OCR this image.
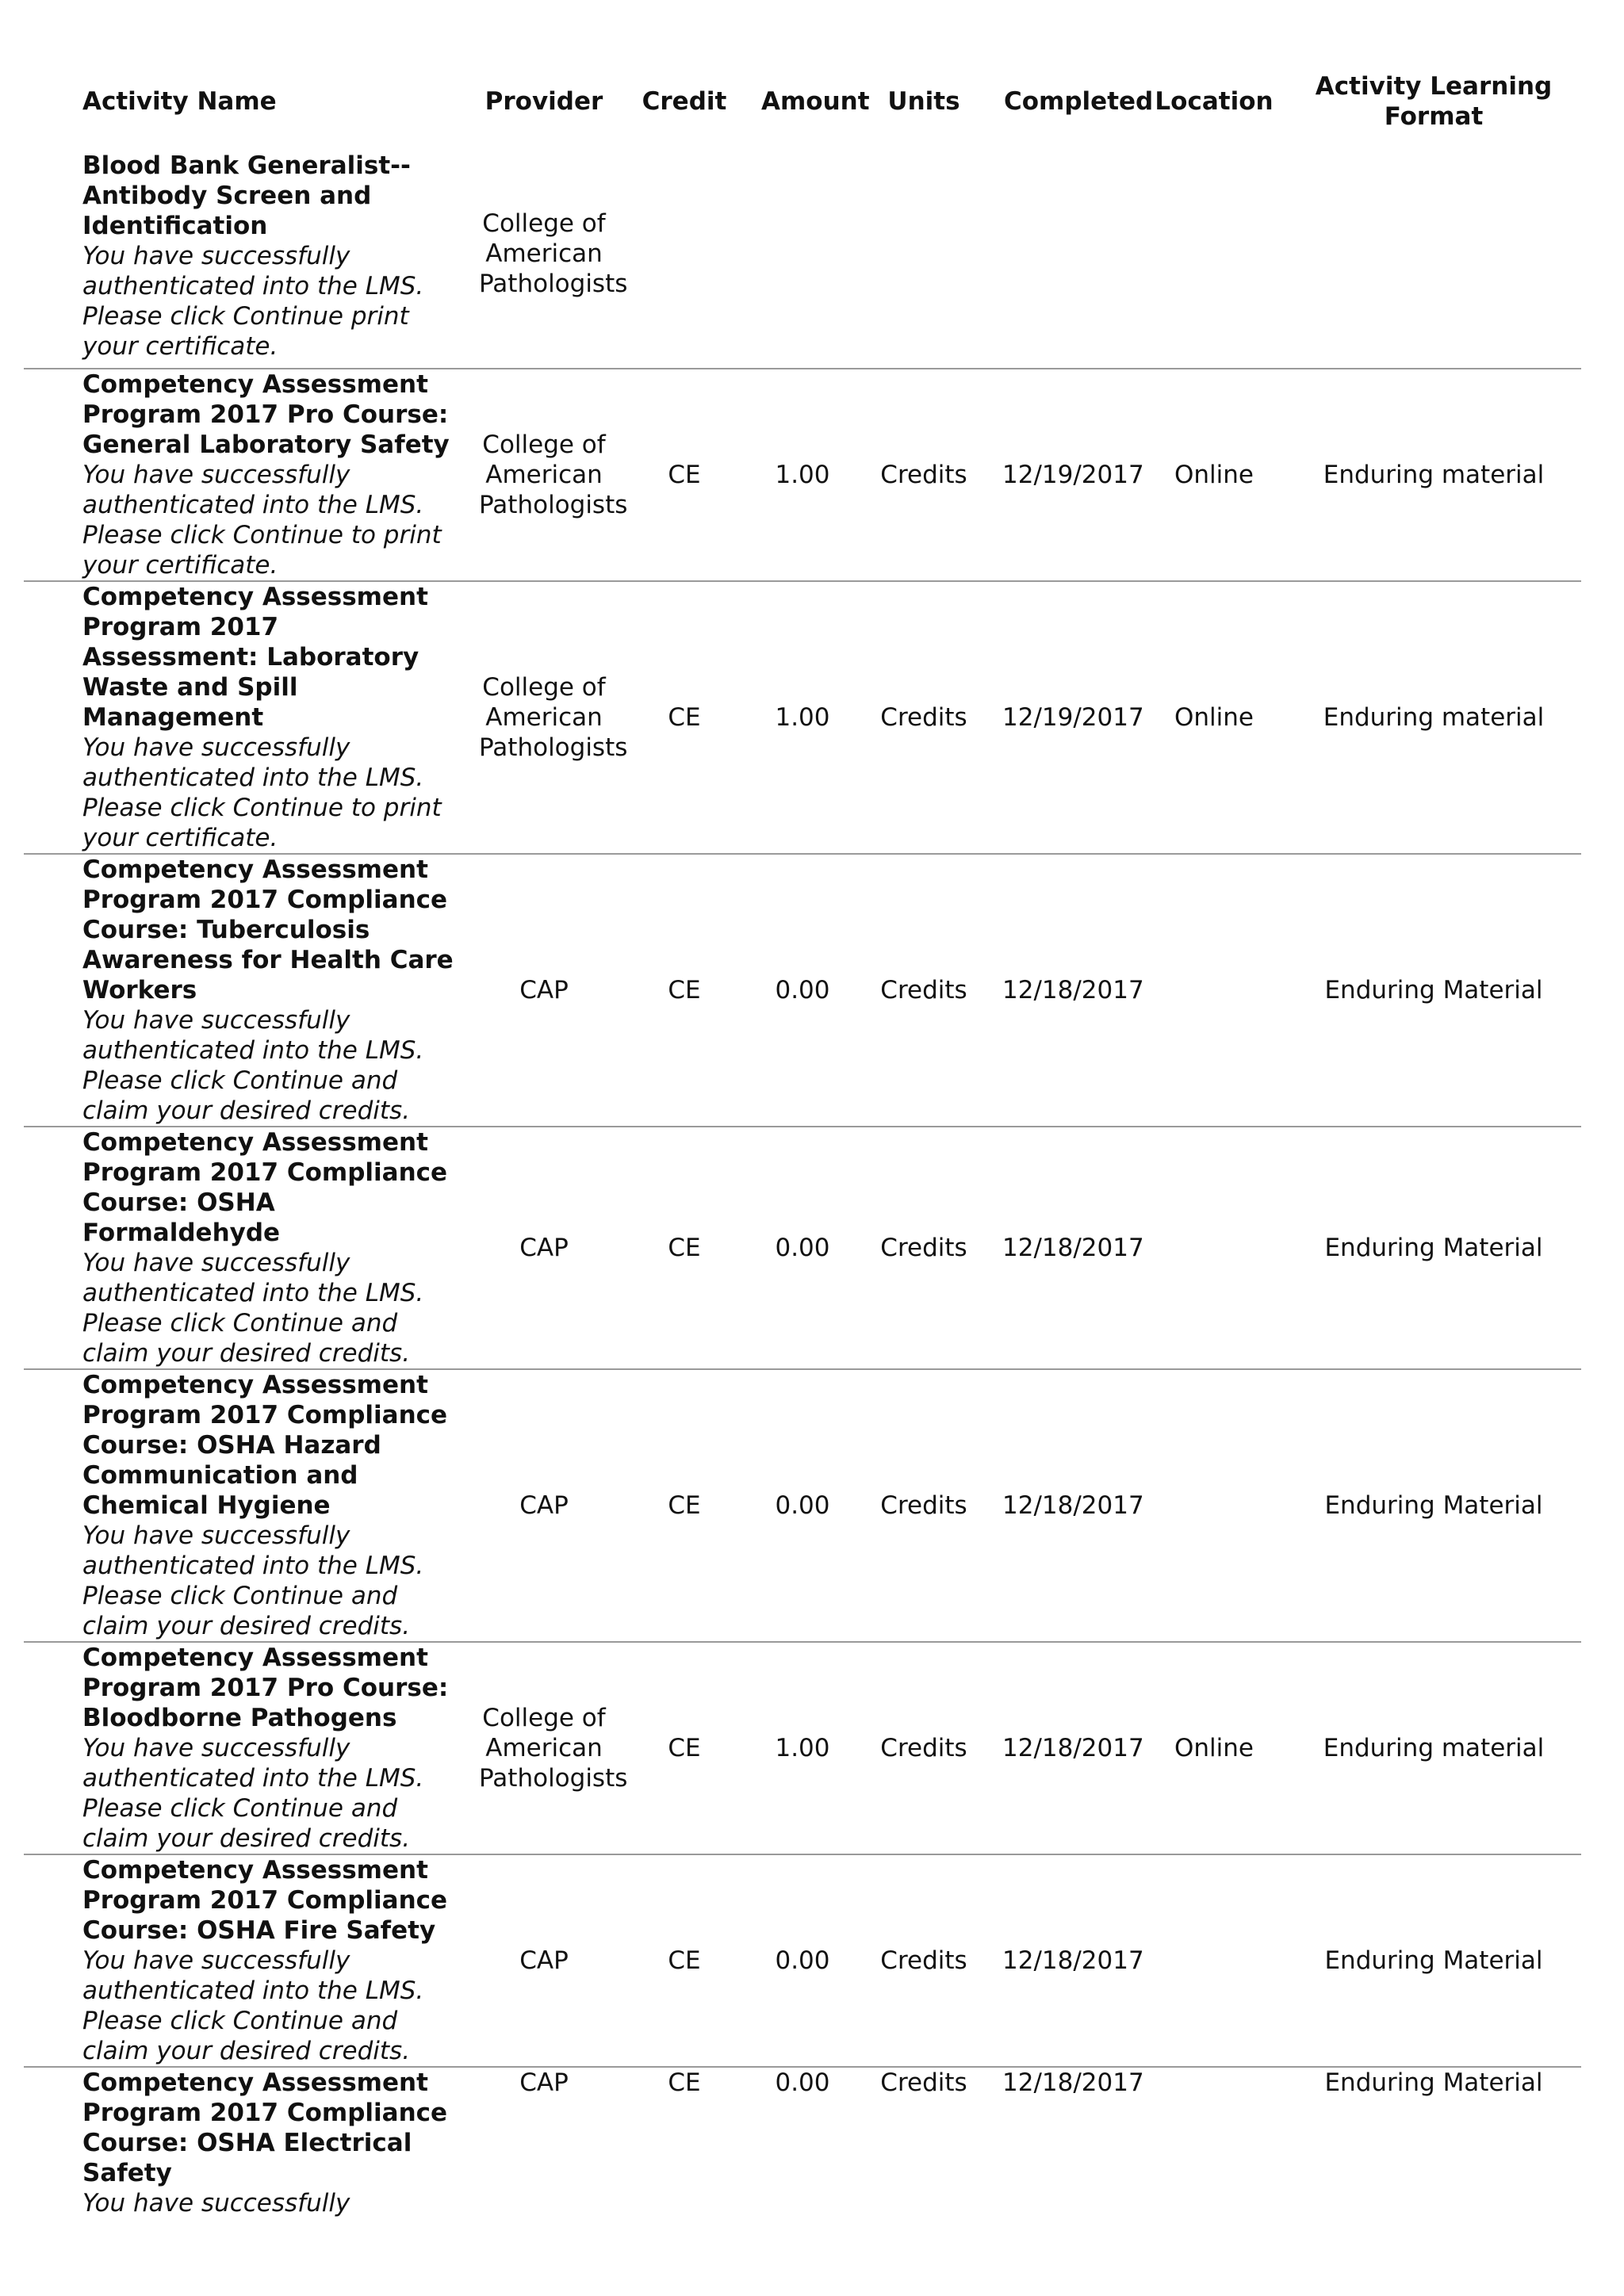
Activity Name	Provider	Credit	Amount	Units	Completed	Location	Activity Learning Format

Blood Bank Generalist--Antibody Screen and Identification
You have successfully authenticated into the LMS. Please click Continue print your certificate.	College of American Pathologists						

Competency Assessment Program 2017 Pro Course: General Laboratory Safety
You have successfully authenticated into the LMS. Please click Continue to print your certificate.	College of American Pathologists	CE	1.00	Credits	12/19/2017	Online	Enduring material

Competency Assessment Program 2017 Assessment: Laboratory Waste and Spill Management
You have successfully authenticated into the LMS. Please click Continue to print your certificate.	College of American Pathologists	CE	1.00	Credits	12/19/2017	Online	Enduring material

Competency Assessment Program 2017 Compliance Course: Tuberculosis Awareness for Health Care Workers
You have successfully authenticated into the LMS. Please click Continue and claim your desired credits.	CAP	CE	0.00	Credits	12/18/2017		Enduring Material

Competency Assessment Program 2017 Compliance Course: OSHA Formaldehyde
You have successfully authenticated into the LMS. Please click Continue and claim your desired credits.	CAP	CE	0.00	Credits	12/18/2017		Enduring Material

Competency Assessment Program 2017 Compliance Course: OSHA Hazard Communication and Chemical Hygiene
You have successfully authenticated into the LMS. Please click Continue and claim your desired credits.	CAP	CE	0.00	Credits	12/18/2017		Enduring Material

Competency Assessment Program 2017 Pro Course: Bloodborne Pathogens
You have successfully authenticated into the LMS. Please click Continue and claim your desired credits.	College of American Pathologists	CE	1.00	Credits	12/18/2017	Online	Enduring material

Competency Assessment Program 2017 Compliance Course: OSHA Fire Safety
You have successfully authenticated into the LMS. Please click Continue and claim your desired credits.	CAP	CE	0.00	Credits	12/18/2017		Enduring Material

Competency Assessment Program 2017 Compliance Course: OSHA Electrical Safety
You have successfully	CAP	CE	0.00	Credits	12/18/2017		Enduring Material
